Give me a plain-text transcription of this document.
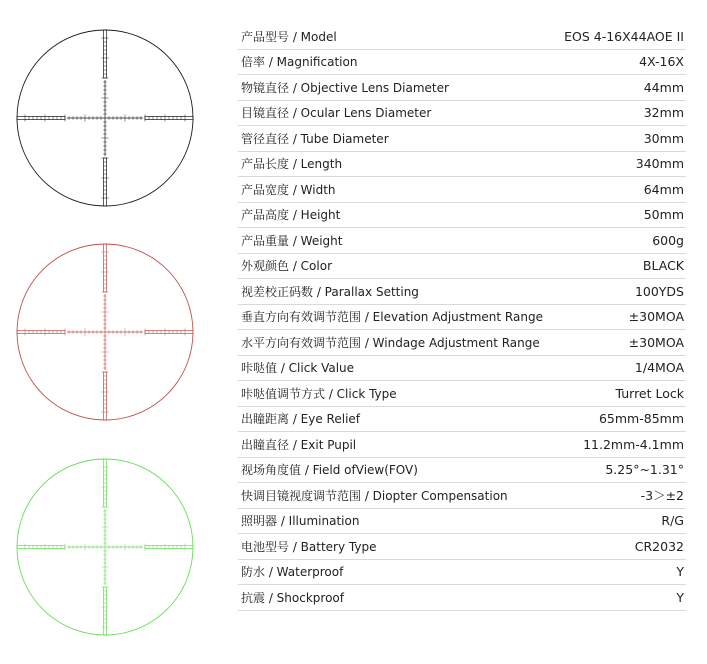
产品型号 / Model	EOS 4-16X44AOE II
倍率 / Magnification	4X-16X
物镜直径 / Objective Lens Diameter	44mm
目镜直径 / Ocular Lens Diameter	32mm
管径直径 / Tube Diameter	30mm
产品长度 / Length	340mm
产品宽度 / Width	64mm
产品高度 / Height	50mm
产品重量 / Weight	600g
外观颜色 / Color	BLACK
视差校正码数 / Parallax Setting	100YDS
垂直方向有效调节范围 / Elevation Adjustment Range	±30MOA
水平方向有效调节范围 / Windage Adjustment Range	±30MOA
咔哒值 / Click Value	1/4MOA
咔哒值调节方式 / Click Type	Turret Lock
出瞳距离 / Eye Relief	65mm-85mm
出瞳直径 / Exit Pupil	11.2mm-4.1mm
视场角度值 / Field ofView(FOV)	5.25°~1.31°
快调目镜视度调节范围 / Diopter Compensation	-3＞±2
照明器 / Illumination	R/G
电池型号 / Battery Type	CR2032
防水 / Waterproof	Y
抗震 / Shockproof	Y
